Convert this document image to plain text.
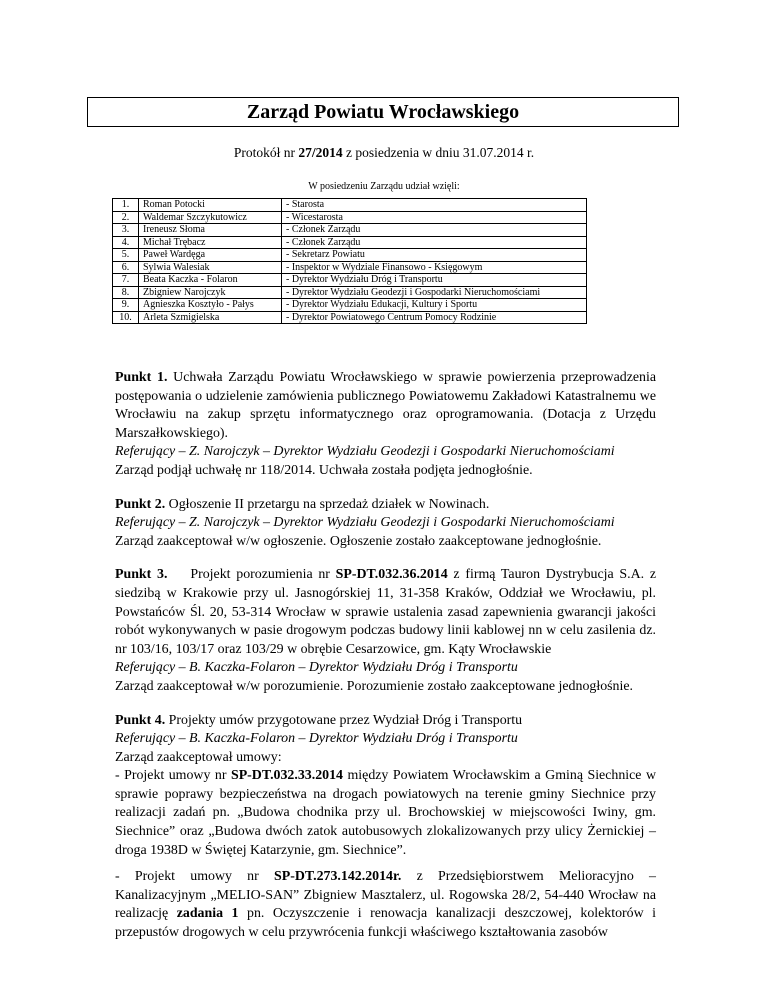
Zarząd Powiatu Wrocławskiego
Protokół nr 27/2014 z posiedzenia w dniu 31.07.2014 r.
W posiedzeniu Zarządu udział wzięli:
1.	Roman Potocki	- Starosta
2.	Waldemar Szczykutowicz	- Wicestarosta
3.	Ireneusz Słoma	- Członek Zarządu
4.	Michał Trębacz	- Członek Zarządu
5.	Paweł Wardęga	- Sekretarz Powiatu
6.	Sylwia Walesiak	- Inspektor w Wydziale Finansowo - Księgowym
7.	Beata Kaczka - Folaron	- Dyrektor Wydziału Dróg i Transportu
8.	Zbigniew Narojczyk	- Dyrektor Wydziału Geodezji i Gospodarki Nieruchomościami
9.	Agnieszka Kosztyło - Pałys	- Dyrektor Wydziału Edukacji, Kultury i Sportu
10.	Arleta Szmigielska	- Dyrektor Powiatowego Centrum Pomocy Rodzinie

Punkt 1. Uchwała Zarządu Powiatu Wrocławskiego w sprawie powierzenia przeprowadzenia postępowania o udzielenie zamówienia publicznego Powiatowemu Zakładowi Katastralnemu we Wrocławiu na zakup sprzętu informatycznego oraz oprogramowania. (Dotacja z Urzędu Marszałkowskiego).

Referujący – Z. Narojczyk – Dyrektor Wydziału Geodezji i Gospodarki Nieruchomościami

Zarząd podjął uchwałę nr 118/2014. Uchwała została podjęta jednogłośnie.

Punkt 2. Ogłoszenie II przetargu na sprzedaż działek w Nowinach.

Referujący – Z. Narojczyk – Dyrektor Wydziału Geodezji i Gospodarki Nieruchomościami

Zarząd zaakceptował w/w ogłoszenie. Ogłoszenie zostało zaakceptowane jednogłośnie.

Punkt 3.    Projekt porozumienia nr SP-DT.032.36.2014 z firmą Tauron Dystrybucja S.A. z siedzibą w Krakowie przy ul. Jasnogórskiej 11, 31-358 Kraków, Oddział we Wrocławiu, pl. Powstańców Śl. 20, 53-314 Wrocław w sprawie ustalenia zasad zapewnienia gwarancji jakości robót wykonywanych w pasie drogowym podczas budowy linii kablowej nn w celu zasilenia dz. nr 103/16, 103/17 oraz 103/29 w obrębie Cesarzowice, gm. Kąty Wrocławskie

Referujący – B. Kaczka-Folaron – Dyrektor Wydziału Dróg i Transportu

Zarząd zaakceptował w/w porozumienie. Porozumienie zostało zaakceptowane jednogłośnie.

Punkt 4. Projekty umów przygotowane przez Wydział Dróg i Transportu

Referujący – B. Kaczka-Folaron – Dyrektor Wydziału Dróg i Transportu

Zarząd zaakceptował umowy:

- Projekt umowy nr SP-DT.032.33.2014 między Powiatem Wrocławskim a Gminą Siechnice w sprawie poprawy bezpieczeństwa na drogach powiatowych na terenie gminy Siechnice przy realizacji zadań pn. „Budowa chodnika przy ul. Brochowskiej w miejscowości Iwiny, gm. Siechnice” oraz „Budowa dwóch zatok autobusowych zlokalizowanych przy ulicy Żernickiej – droga 1938D w Świętej Katarzynie, gm. Siechnice”.

- Projekt umowy nr SP-DT.273.142.2014r. z Przedsiębiorstwem Melioracyjno – Kanalizacyjnym „MELIO-SAN” Zbigniew Masztalerz, ul. Rogowska 28/2, 54-440 Wrocław na realizację zadania 1 pn. Oczyszczenie i renowacja kanalizacji deszczowej, kolektorów i przepustów drogowych w celu przywrócenia funkcji właściwego kształtowania zasobów
